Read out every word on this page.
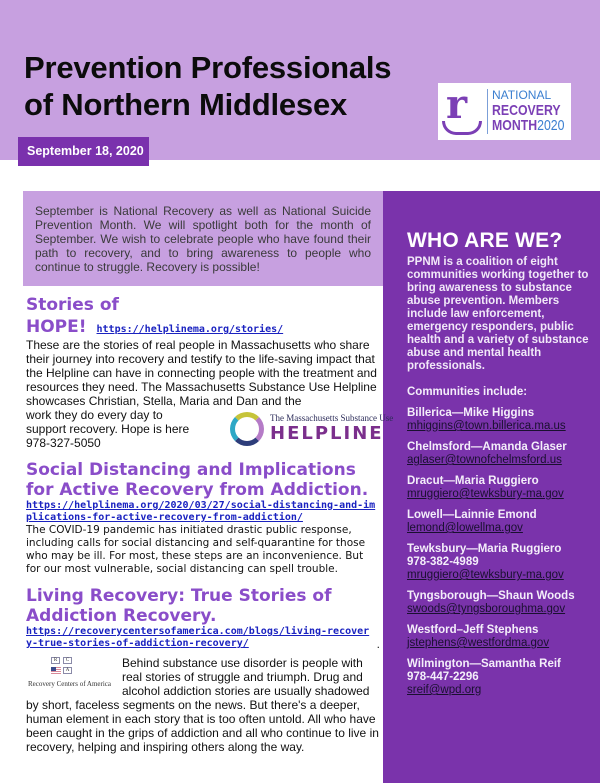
Prevention Professionals
of Northern Middlesex
September 18, 2020
r NATIONAL
RECOVERY
MONTH2020
September is National Recovery as well as National Suicide Prevention Month. We will spotlight both for the month of September. We wish to celebrate people who have found their path to recovery, and to bring awareness to people who continue to struggle. Recovery is possible!
WHO ARE WE?
PPNM is a coalition of eight communities working together to bring awareness to substance abuse prevention. Members include law enforcement, emergency responders, public health and a variety of substance abuse and mental health professionals.
Communities include:
Billerica—Mike Higgins
mhiggins@town.billerica.ma.us
Chelmsford—Amanda Glaser
aglaser@townofchelmsford.us
Dracut—Maria Ruggiero
mruggiero@tewksbury-ma.gov
Lowell—Lainnie Emond
lemond@lowellma.gov
Tewksbury—Maria Ruggiero
978-382-4989
mruggiero@tewksbury-ma.gov
Tyngsborough—Shaun Woods
swoods@tyngsboroughma.gov
Westford–Jeff Stephens
jstephens@westfordma.gov
Wilmington—Samantha Reif
978-447-2296
sreif@wpd.org
Stories of HOPE! https://helplinema.org/stories/
These are the stories of real people in Massachusetts who share their journey into recovery and testify to the life-saving impact that the Helpline can have in connecting people with the treatment and resources they need. The Massachusetts Substance Use Helpline showcases Christian, Stella, Maria and Dan and the
The Massachusetts Substance Use
HELPLINE
work they do every day to
support recovery. Hope is here
978-327-5050
Social Distancing and Implications for Active Recovery from Addiction.
https://helplinema.org/2020/03/27/social-distancing-and-implications-for-active-recovery-from-addiction/
The COVID-19 pandemic has initiated drastic public response, including calls for social distancing and self-quarantine for those who may be ill. For most, these steps are an inconvenience. But for our most vulnerable, social distancing can spell trouble.
Living Recovery: True Stories of Addiction Recovery.
https://recoverycentersofamerica.com/blogs/living-recovery-true-stories-of-addiction-recovery/	.
R	C
A
Recovery Centers of America
Behind substance use disorder is people with real stories of struggle and triumph. Drug and alcohol addiction stories are usually shadowed
by short, faceless segments on the news. But there's a deeper, human element in each story that is too often untold. All who have been caught in the grips of addiction and all who continue to live in recovery, helping and inspiring others along the way.
